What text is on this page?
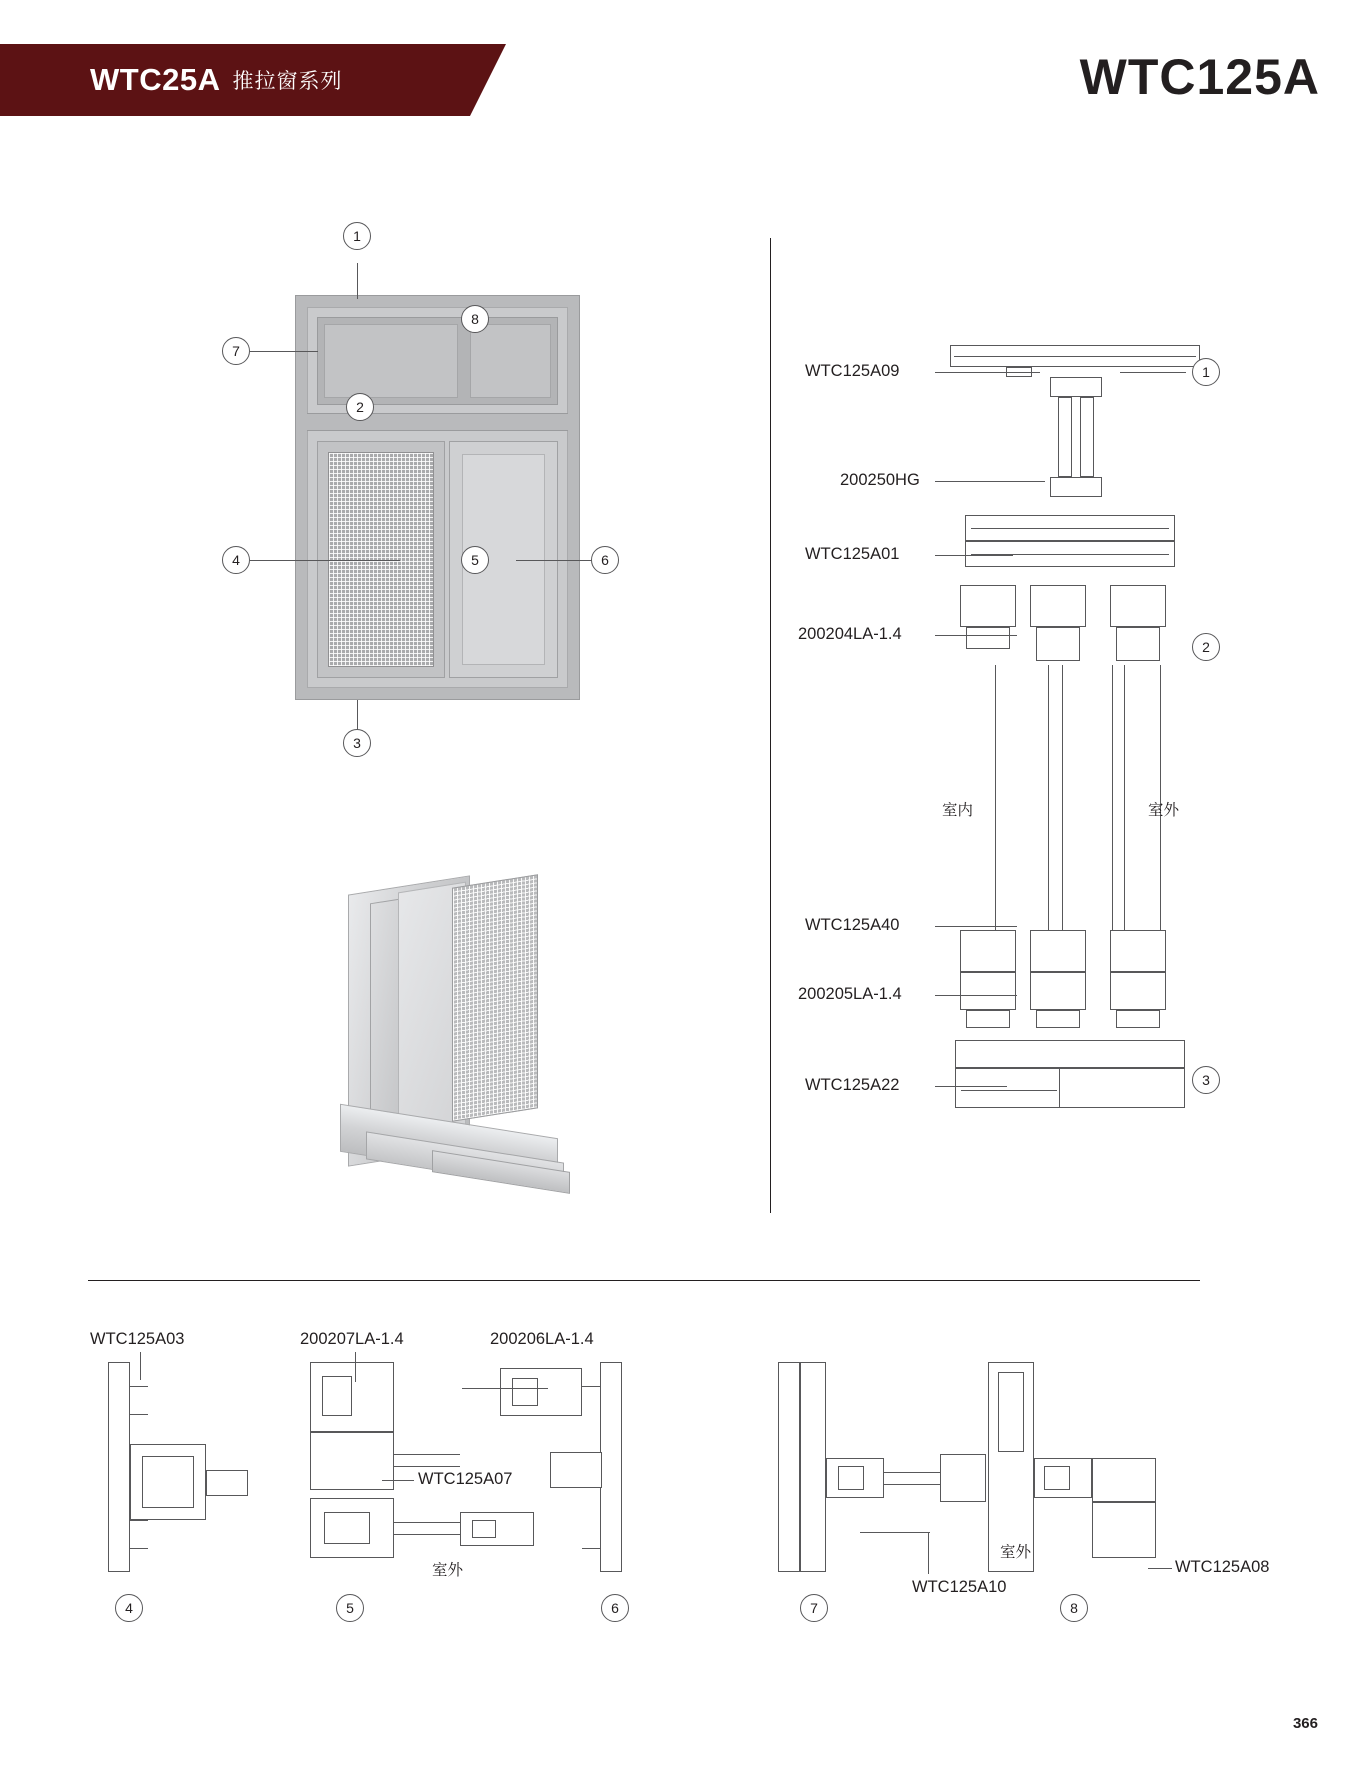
WTC25A 推拉窗系列	WTC125A
1
7
8
2
4	5	6
3
WTC125A09	1
200250HG
WTC125A01
200204LA-1.4
2
室内	室外
WTC125A40
200205LA-1.4
WTC125A22	3
WTC125A03
4
200207LA-1.4	200206LA-1.4
WTC125A07
室外
5	6
室外
WTC125A10
WTC125A08
7	8
366
